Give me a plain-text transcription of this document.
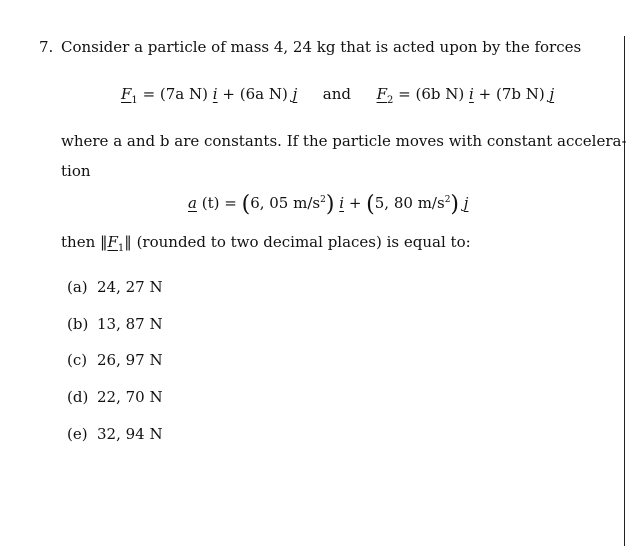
7. Consider a particle of mass 4, 24 kg that is acted upon by the forces
$F_1 = (7a$ N) i + (6a N) j and $F_2 = (6b$ N) i + (7b N) j
where a and b are constants. If the particle moves with constant accelera-
tion
a (t) = (6, 05 $m/s^2$) i + (5, 80 $m/s^2$) j
then $‖F_1‖$ (rounded to two decimal places) is equal to:
(a) 24, 27 N
(b) 13, 87 N
(c) 26, 97 N
(d) 22, 70 N
(e) 32, 94 N
